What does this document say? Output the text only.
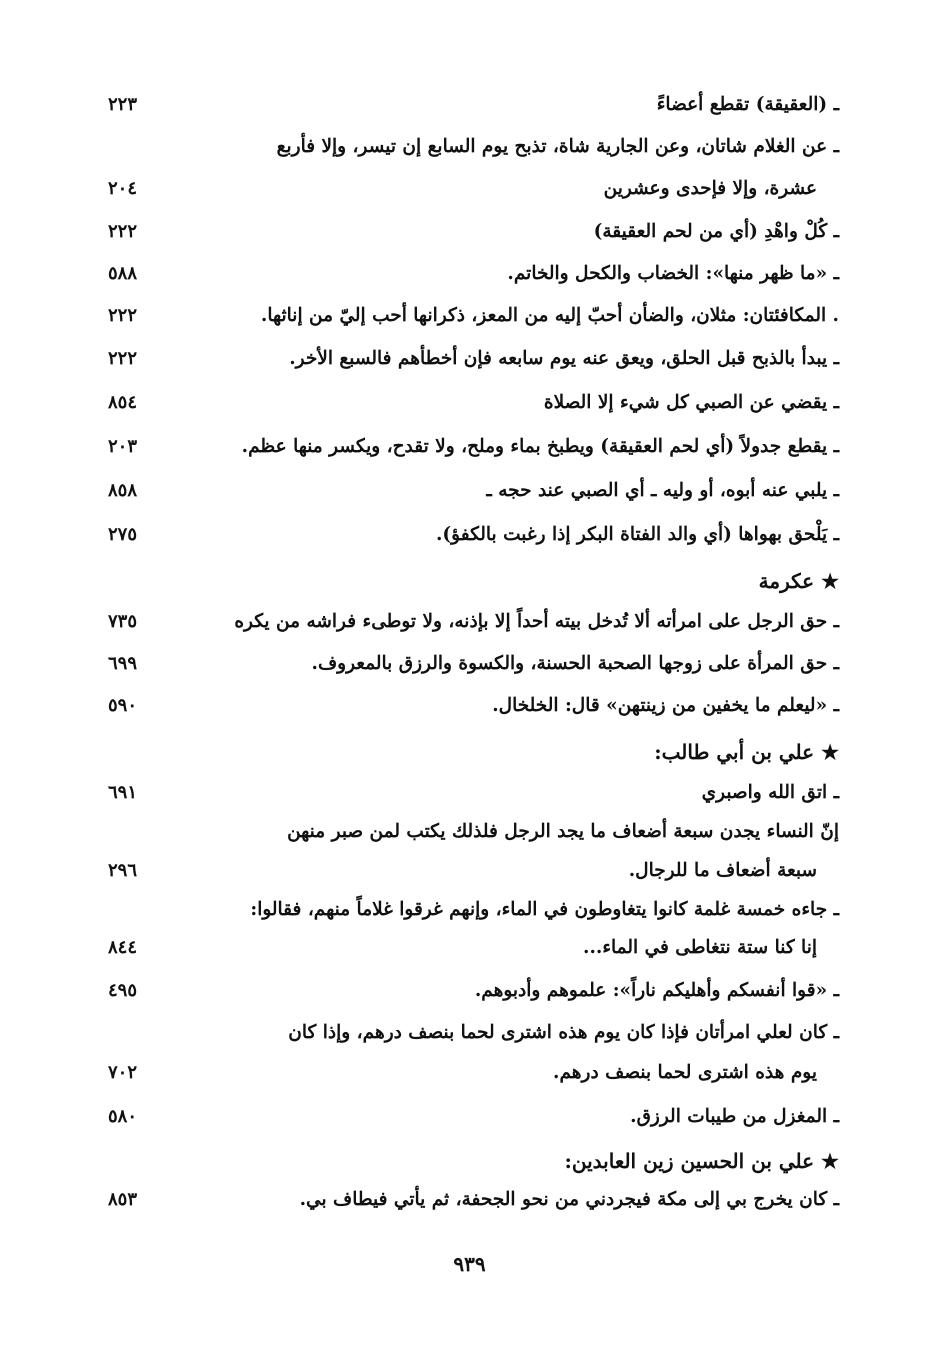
ـ (العقيقة) تقطع أعضاءً
٢٢٣
ـ عن الغلام شاتان، وعن الجارية شاة، تذبح يوم السابع إن تيسر، وإلا فأربع
عشرة، وإلا فإحدى وعشرين
٢٠٤
ـ كُلْ واهْدِ (أي من لحم العقيقة)
٢٢٢
ـ «ما ظهر منها»: الخضاب والكحل والخاتم.
٥٨٨
. المكافئتان: مثلان، والضأن أحبّ إليه من المعز، ذكرانها أحب إليّ من إناثها.
٢٢٢
ـ يبدأ بالذبح قبل الحلق، ويعق عنه يوم سابعه فإن أخطأهم فالسبع الأخر.
٢٢٢
ـ يقضي عن الصبي كل شيء إلا الصلاة
٨٥٤
ـ يقطع جدولاً (أي لحم العقيقة) ويطبخ بماء وملح، ولا تقدح، ويكسر منها عظم.
٢٠٣
ـ يلبي عنه أبوه، أو وليه ـ أي الصبي عند حجه ـ
٨٥٨
ـ يَلْحق بهواها (أي والد الفتاة البكر إذا رغبت بالكفؤ).
٢٧٥
★ عكرمة
ـ حق الرجل على امرأته ألا تُدخل بيته أحداً إلا بإذنه، ولا توطىء فراشه من يكره
٧٣٥
ـ حق المرأة على زوجها الصحبة الحسنة، والكسوة والرزق بالمعروف.
٦٩٩
ـ «ليعلم ما يخفين من زينتهن» قال: الخلخال.
٥٩٠
★ علي بن أبي طالب:
ـ اتق الله واصبري
٦٩١
إنّ النساء يجدن سبعة أضعاف ما يجد الرجل فلذلك يكتب لمن صبر منهن
سبعة أضعاف ما للرجال.
٢٩٦
ـ جاءه خمسة غلمة كانوا يتغاوطون في الماء، وإنهم غرقوا غلاماً منهم، فقالوا:
إنا كنا ستة نتغاطى في الماء...
٨٤٤
ـ «قوا أنفسكم وأهليكم ناراً»: علموهم وأدبوهم.
٤٩٥
ـ كان لعلي امرأتان فإذا كان يوم هذه اشترى لحما بنصف درهم، وإذا كان
يوم هذه اشترى لحما بنصف درهم.
٧٠٢
ـ المغزل من طيبات الرزق.
٥٨٠
★ علي بن الحسين زين العابدين:
ـ كان يخرج بي إلى مكة فيجردني من نحو الجحفة، ثم يأتي فيطاف بي.
٨٥٣
٩٣٩
